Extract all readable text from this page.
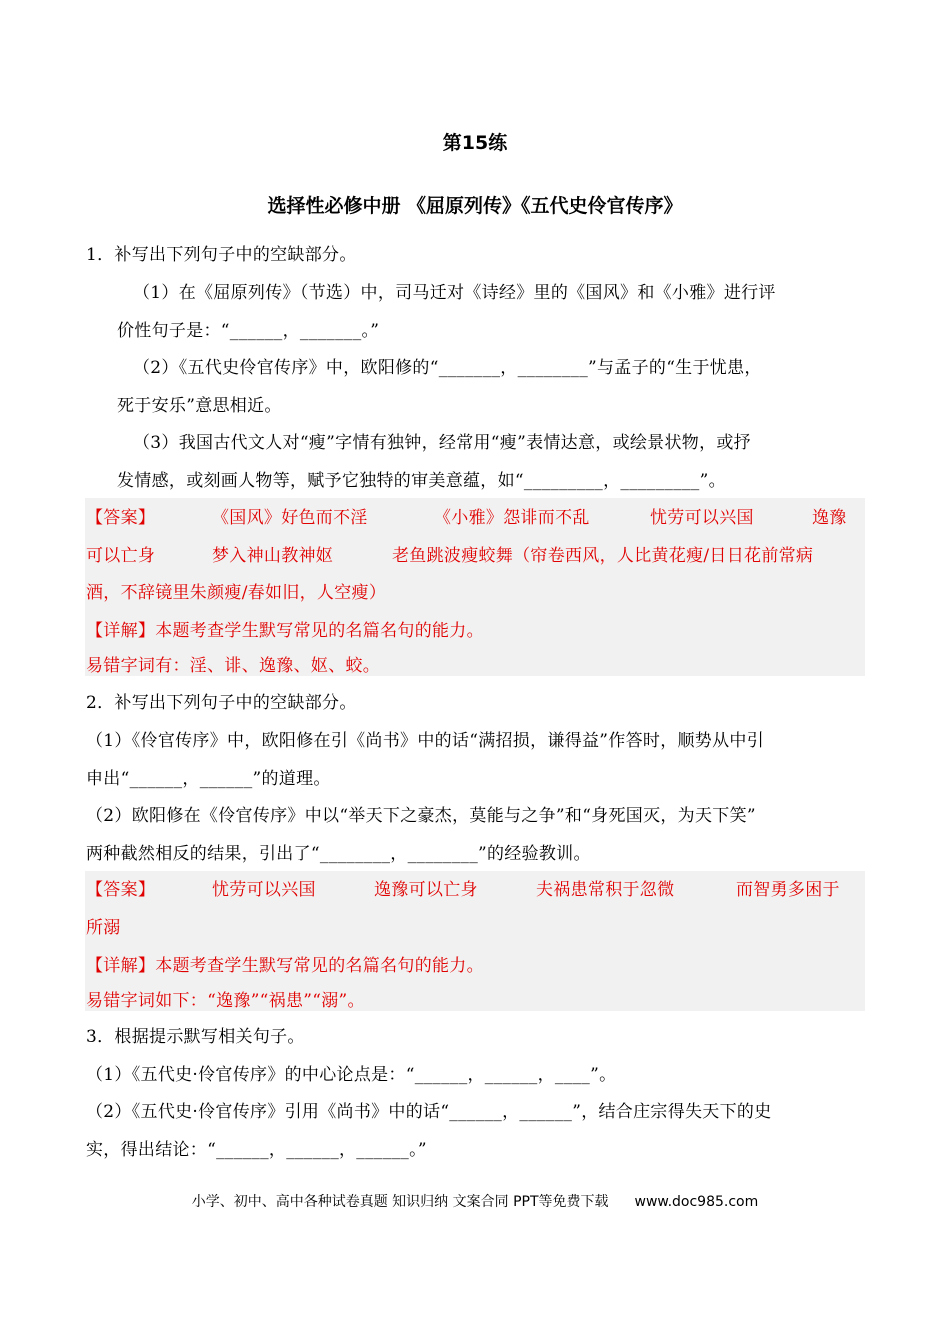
第15练
选择性必修中册 《屈原列传》《五代史伶官传序》
1．补写出下列句子中的空缺部分。
（1）在《屈原列传》（节选）中，司马迁对《诗经》里的《国风》和《小雅》进行评
价性句子是：“______，_______。”
（2）《五代史伶官传序》中，欧阳修的“_______，________”与孟子的“生于忧患，
死于安乐”意思相近。
（3）我国古代文人对“瘦”字情有独钟，经常用“瘦”表情达意，或绘景状物，或抒
发情感，或刻画人物等，赋予它独特的审美意蕴，如“_________，_________”。
【答案】	《国风》好色而不淫	《小雅》怨诽而不乱	忧劳可以兴国	逸豫
可以亡身	梦入神山教神妪	老鱼跳波瘦蛟舞（帘卷西风，人比黄花瘦/日日花前常病
酒，不辞镜里朱颜瘦/春如旧，人空瘦）
【详解】本题考查学生默写常见的名篇名句的能力。
易错字词有：淫、诽、逸豫、妪、蛟。
2．补写出下列句子中的空缺部分。
（1）《伶官传序》中，欧阳修在引《尚书》中的话“满招损，谦得益”作答时，顺势从中引
申出“______，______”的道理。
（2）欧阳修在《伶官传序》中以“举天下之豪杰，莫能与之争”和“身死国灭，为天下笑”
两种截然相反的结果，引出了“________，________”的经验教训。
【答案】	忧劳可以兴国	逸豫可以亡身	夫祸患常积于忽微	而智勇多困于
所溺
【详解】本题考查学生默写常见的名篇名句的能力。
易错字词如下：“逸豫”“祸患”“溺”。
3．根据提示默写相关句子。
（1）《五代史·伶官传序》的中心论点是：“______，______，____”。
（2）《五代史·伶官传序》引用《尚书》中的话“______，______”，结合庄宗得失天下的史
实，得出结论：“______，______，______。”
小学、初中、高中各种试卷真题 知识归纳 文案合同 PPT等免费下载 www.doc985.com
